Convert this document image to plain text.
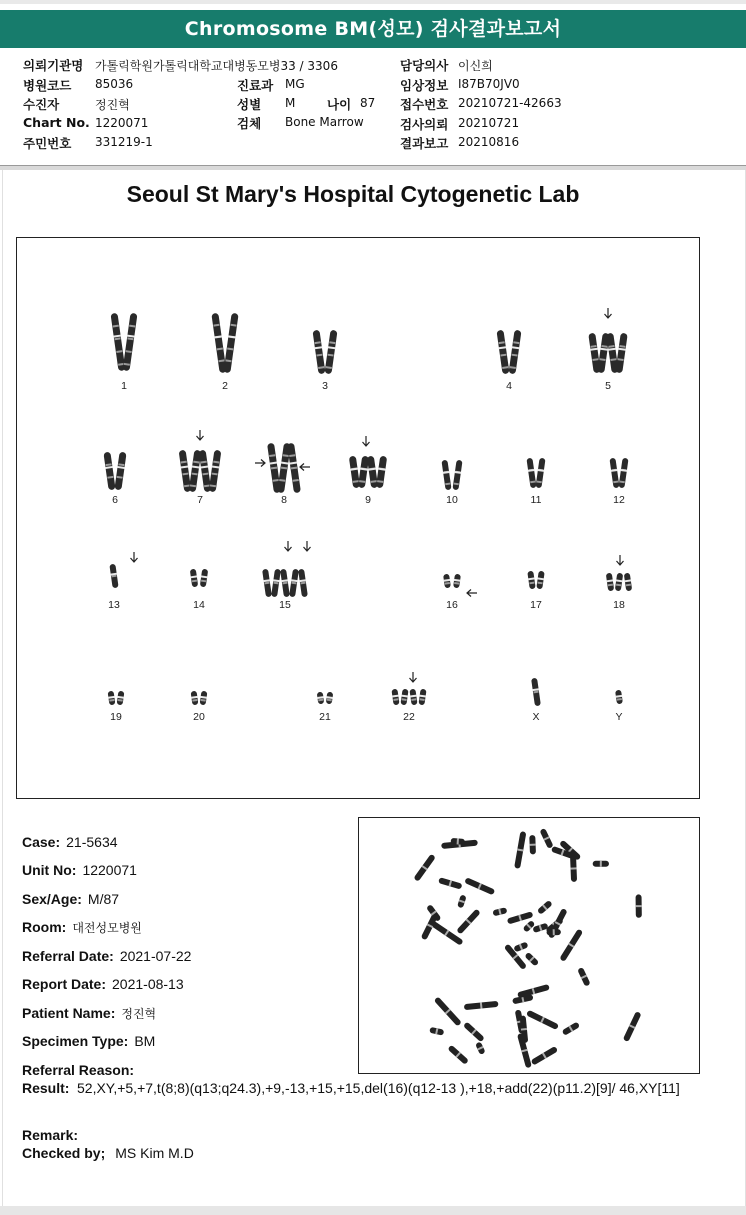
Chromosome BM(성모) 검사결과보고서
의뢰기관명 가톨릭학원가톨릭대학교대병동모병33 / 3306
병원코드 85036
수진자	정진혁
Chart No. 1220071
주민번호 331219-1
진료과 MG
성별 M	나이 87
검체 Bone Marrow
담당의사 이신희
임상정보 I87B70JV0
접수번호 20210721-42663
검사의뢰 20210721
결과보고 20210816
Seoul St Mary's Hospital Cytogenetic Lab
1	2	3	4	5
6	7	8	9	10	11	12
13	14	15	16	17	18
19	20	21	22	X	Y
Case: 21-5634
Unit No: 1220071
Sex/Age: M/87
Room: 대전성모병원
Referral Date: 2021-07-22
Report Date: 2021-08-13
Patient Name: 정진혁
Specimen Type: BM
Referral Reason:
Result: 52,XY,+5,+7,t(8;8)(q13;q24.3),+9,-13,+15,+15,del(16)(q12-13 ),+18,+add(22)(p11.2)[9]/ 46,XY[11]
Remark:
Checked by; MS Kim M.D
